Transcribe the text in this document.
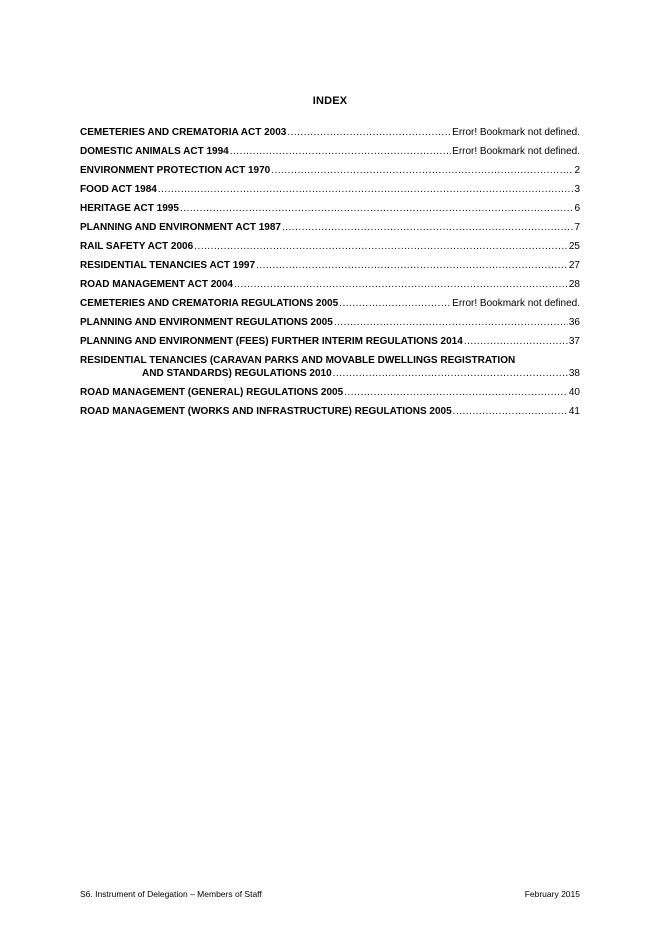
INDEX
CEMETERIES AND CREMATORIA ACT 2003 .....	Error! Bookmark not defined.
DOMESTIC ANIMALS ACT 1994 .....	Error! Bookmark not defined.
ENVIRONMENT PROTECTION ACT 1970 .....	2
FOOD ACT 1984 .....	3
HERITAGE ACT 1995 .....	6
PLANNING AND ENVIRONMENT ACT 1987 .....	7
RAIL SAFETY ACT 2006 .....	25
RESIDENTIAL TENANCIES ACT 1997 .....	27
ROAD MANAGEMENT ACT 2004 .....	28
CEMETERIES AND CREMATORIA REGULATIONS 2005 .....	Error! Bookmark not defined.
PLANNING AND ENVIRONMENT REGULATIONS 2005 .....	36
PLANNING AND ENVIRONMENT (FEES) FURTHER INTERIM REGULATIONS 2014 .....	37
RESIDENTIAL TENANCIES (CARAVAN PARKS AND MOVABLE DWELLINGS REGISTRATION
AND STANDARDS) REGULATIONS 2010 .....	38
ROAD MANAGEMENT (GENERAL) REGULATIONS 2005 .....	40
ROAD MANAGEMENT (WORKS AND INFRASTRUCTURE) REGULATIONS 2005 .....	41
S6. Instrument of Delegation – Members of Staff	February 2015
